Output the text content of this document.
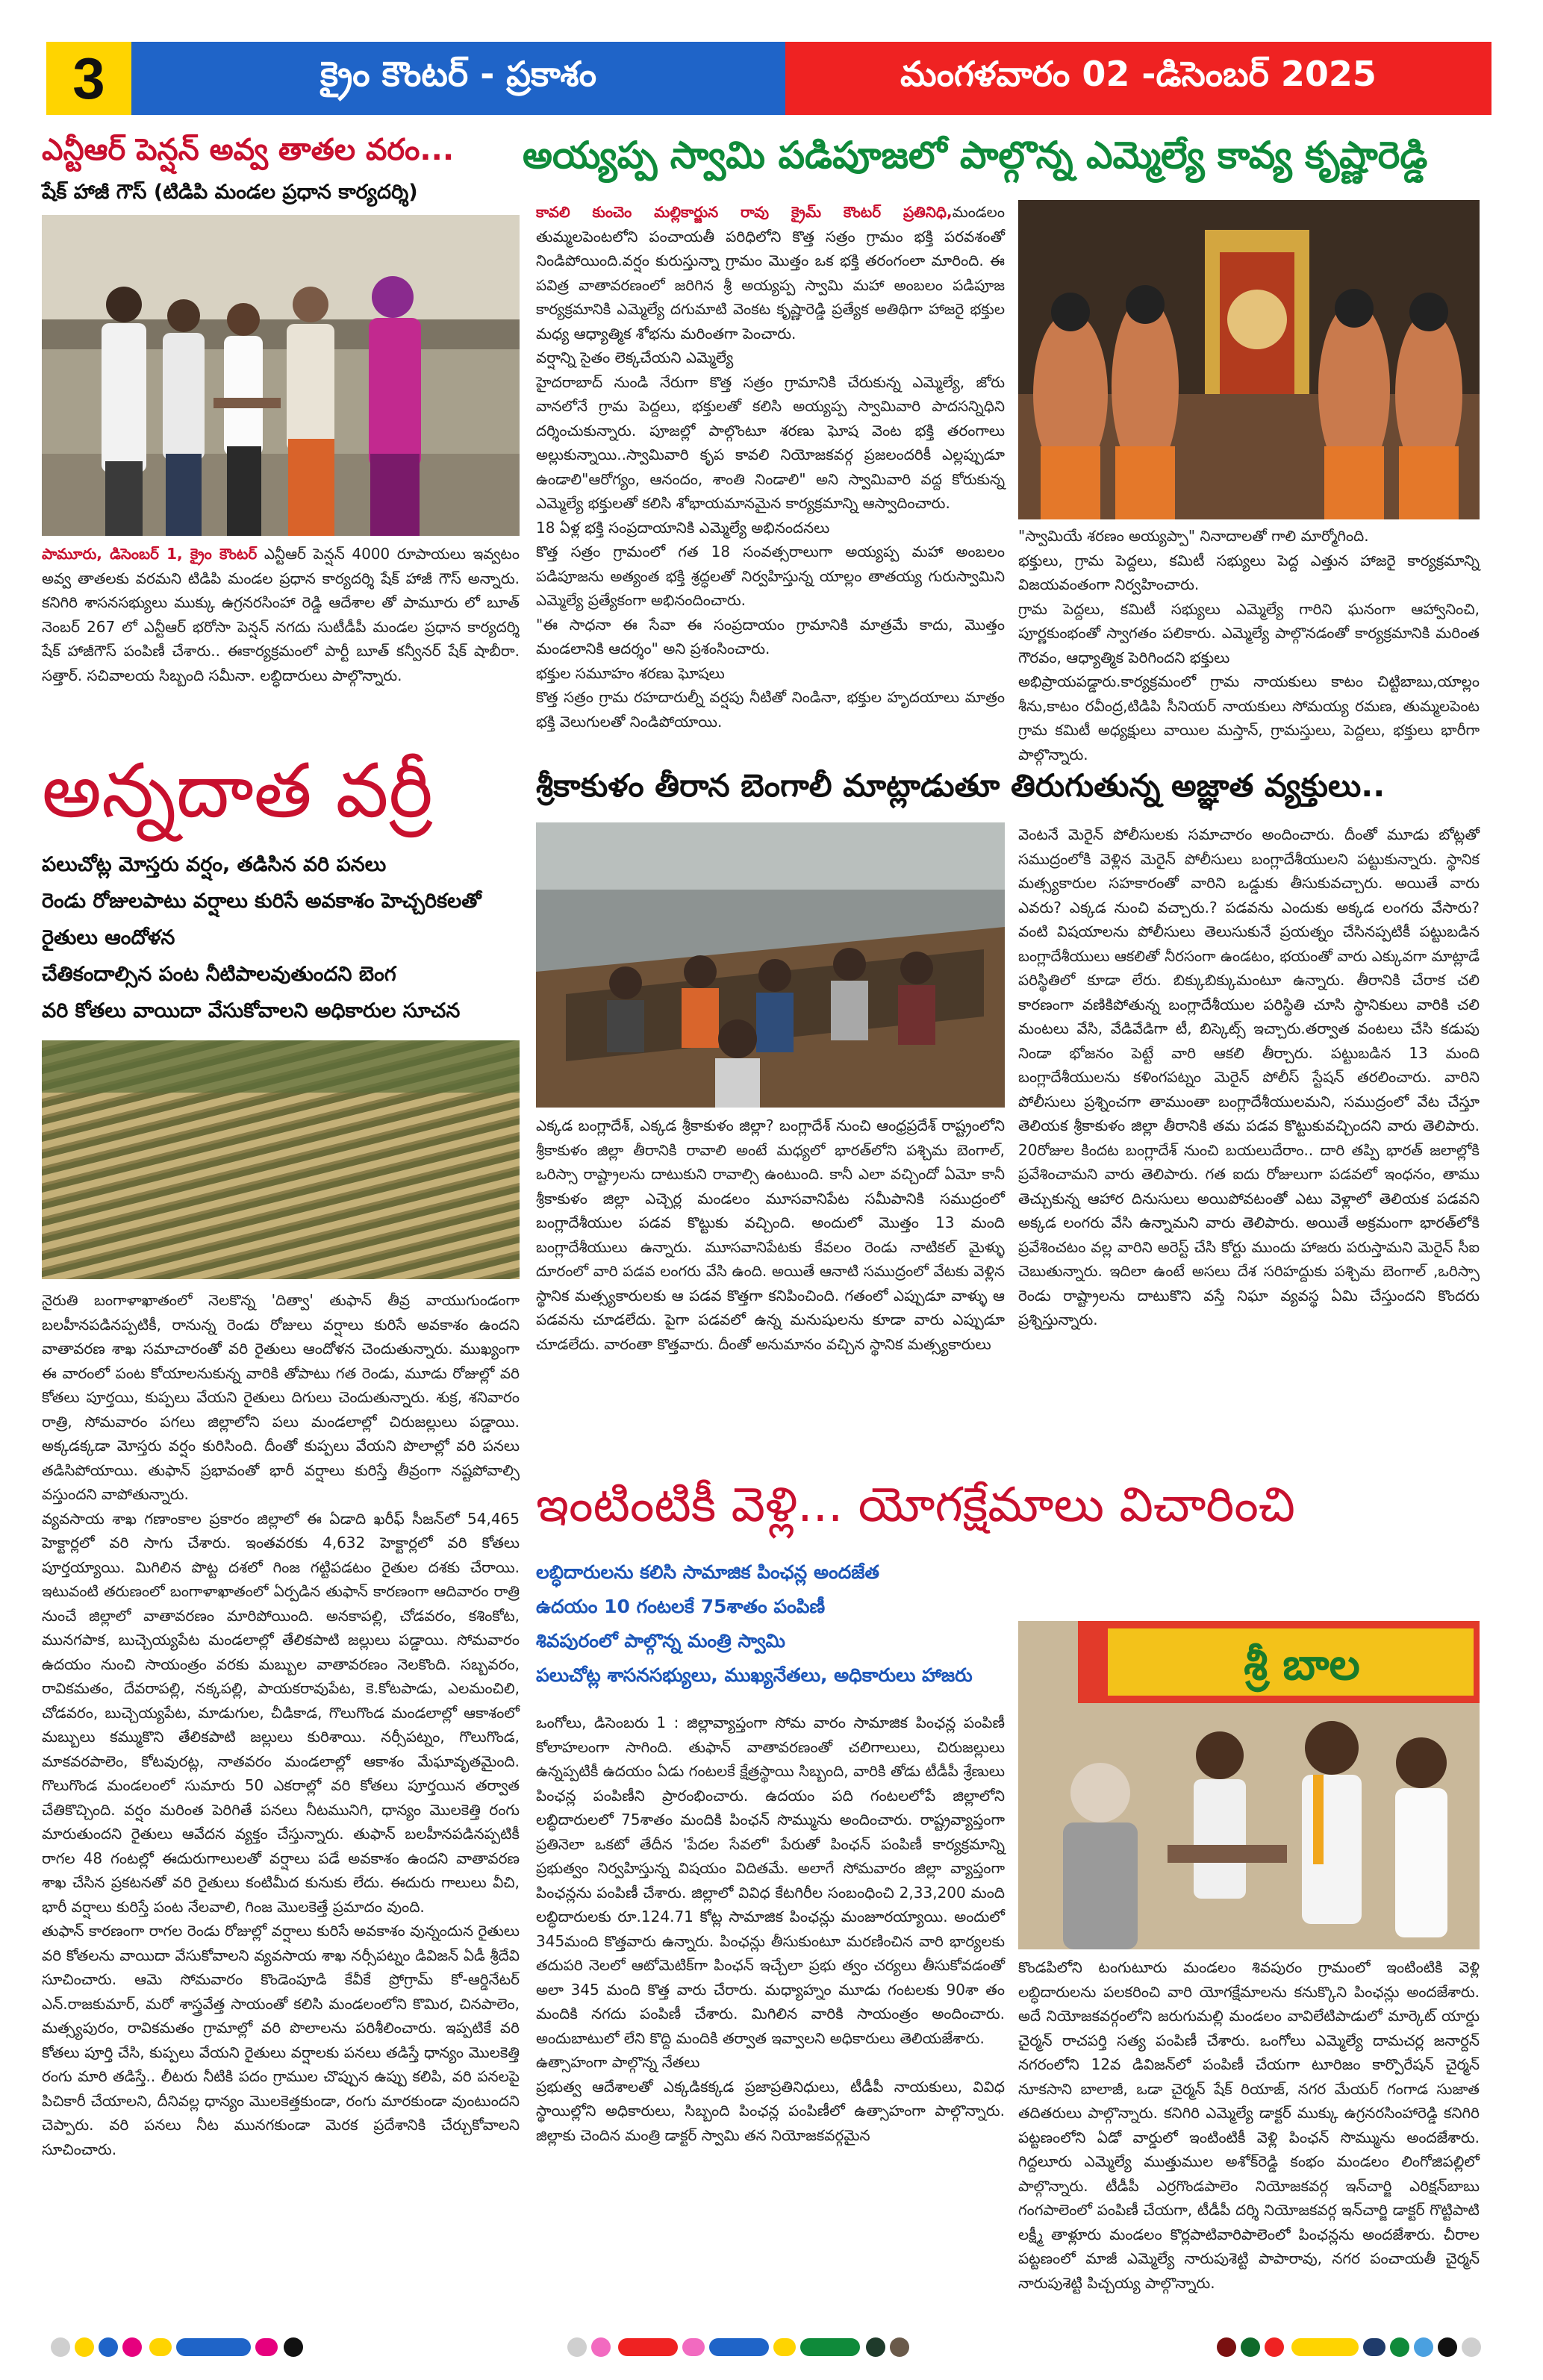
3	క్రైం కౌంటర్ - ప్రకాశం	మంగళవారం 02 -డిసెంబర్ 2025
ఎన్టీఆర్ పెన్షన్ అవ్వ తాతల వరం...
షేక్ హాజీ గౌస్ (టిడిపి మండల ప్రధాన కార్యదర్శి)

పామూరు, డిసెంబర్ 1, క్రైం కౌంటర్ ఎన్టీఆర్ పెన్షన్ 4000 రూపాయలు ఇవ్వటం అవ్వ తాతలకు వరమని టిడిపి మండల ప్రధాన కార్యదర్శి షేక్ హాజీ గౌస్ అన్నారు. కనిగిరి శాసనసభ్యులు ముక్కు ఉగ్రనరసింహా రెడ్డి ఆదేశాల తో పామూరు లో బూత్ నెంబర్ 267 లో ఎన్టీఆర్ భరోసా పెన్షన్ నగదు సుటీడీపీ మండల ప్రధాన కార్యదర్శి షేక్ హాజీగౌస్ పంపిణీ చేశారు.. ఈకార్యక్రమంలో పార్టీ బూత్ కన్వీనర్ షేక్ షాబీరా. సత్తార్. సచివాలయ సిబ్బంది సమీనా. లబ్ధిదారులు పాల్గొన్నారు.

అయ్యప్ప స్వామి పడిపూజలో పాల్గొన్న ఎమ్మెల్యే కావ్య కృష్ణారెడ్డి

కావలి కుంచెం మల్లికార్జున రావు క్రైమ్ కౌంటర్ ప్రతినిధి,మండలం తుమ్మలపెంటలోని పంచాయతీ పరిధిలోని కొత్త సత్రం గ్రామం భక్తి పరవశంతో నిండిపోయింది.వర్షం కురుస్తున్నా గ్రామం మొత్తం ఒక భక్తి తరంగంలా మారింది. ఈ పవిత్ర వాతావరణంలో జరిగిన శ్రీ అయ్యప్ప స్వామి మహా అంబలం పడిపూజ కార్యక్రమానికి ఎమ్మెల్యే దగుమాటి వెంకట కృష్ణారెడ్డి ప్రత్యేక అతిథిగా హాజరై భక్తుల మధ్య ఆధ్యాత్మిక శోభను మరింతగా పెంచారు.

వర్షాన్ని సైతం లెక్కచేయని ఎమ్మెల్యే

హైదరాబాద్ నుండి నేరుగా కొత్త సత్రం గ్రామానికి చేరుకున్న ఎమ్మెల్యే, జోరు వానలోనే గ్రామ పెద్దలు, భక్తులతో కలిసి అయ్యప్ప స్వామివారి పాదసన్నిధిని దర్శించుకున్నారు. పూజల్లో పాల్గొంటూ శరణు ఘోష వెంట భక్తి తరంగాలు అల్లుకున్నాయి..స్వామివారి కృప కావలి నియోజకవర్గ ప్రజలందరికీ ఎల్లప్పుడూ ఉండాలి"ఆరోగ్యం, ఆనందం, శాంతి నిండాలి" అని స్వామివారి వద్ద కోరుకున్న ఎమ్మెల్యే భక్తులతో కలిసి శోభాయమానమైన కార్యక్రమాన్ని ఆస్వాదించారు.

18 ఏళ్ల భక్తి సంప్రదాయానికి ఎమ్మెల్యే అభినందనలు

కొత్త సత్రం గ్రామంలో గత 18 సంవత్సరాలుగా అయ్యప్ప మహా అంబలం పడిపూజను అత్యంత భక్తి శ్రద్ధలతో నిర్వహిస్తున్న యాల్లం తాతయ్య గురుస్వామిని ఎమ్మెల్యే ప్రత్యేకంగా అభినందించారు.

"ఈ సాధనా ఈ సేవా ఈ సంప్రదాయం గ్రామానికి మాత్రమే కాదు, మొత్తం మండలానికి ఆదర్శం" అని ప్రశంసించారు.

భక్తుల సమూహం శరణు ఘోషలు

కొత్త సత్రం గ్రామ రహదారుల్నీ వర్షపు నీటితో నిండినా, భక్తుల హృదయాలు మాత్రం భక్తి వెలుగులతో నిండిపోయాయి.

"స్వామియే శరణం అయ్యప్పా" నినాదాలతో గాలి మార్మోగింది.

భక్తులు, గ్రామ పెద్దలు, కమిటీ సభ్యులు పెద్ద ఎత్తున హాజరై కార్యక్రమాన్ని విజయవంతంగా నిర్వహించారు.

గ్రామ పెద్దలు, కమిటీ సభ్యులు ఎమ్మెల్యే గారిని ఘనంగా ఆహ్వానించి, పూర్ణకుంభంతో స్వాగతం పలికారు. ఎమ్మెల్యే పాల్గొనడంతో కార్యక్రమానికి మరింత గౌరవం, ఆధ్యాత్మిక పెరిగిందని భక్తులు

అభిప్రాయపడ్డారు.కార్యక్రమంలో గ్రామ నాయకులు కాటం చిట్టిబాబు,యాల్లం శీను,కాటం రవీంద్ర,టిడిపి సీనియర్ నాయకులు సోమయ్య రమణ, తుమ్మలపెంట గ్రామ కమిటీ అధ్యక్షులు వాయిల మస్తాన్, గ్రామస్తులు, పెద్దలు, భక్తులు భారీగా పాల్గొన్నారు.

అన్నదాత వర్రీ
పలుచోట్ల మోస్తరు వర్షం, తడిసిన వరి పనలు
రెండు రోజులపాటు వర్షాలు కురిసే అవకాశం హెచ్చరికలతో
రైతులు ఆందోళన
చేతికందాల్సిన పంట నీటిపాలవుతుందని బెంగ
వరి కోతలు వాయిదా వేసుకోవాలని అధికారుల సూచన

నైరుతి బంగాళాఖాతంలో నెలకొన్న 'దిత్వా' తుఫాన్ తీవ్ర వాయుగుండంగా బలహీనపడినప్పటికీ, రానున్న రెండు రోజులు వర్షాలు కురిసే అవకాశం ఉందని వాతావరణ శాఖ సమాచారంతో వరి రైతులు ఆందోళన చెందుతున్నారు. ముఖ్యంగా ఈ వారంలో పంట కోయాలనుకున్న వారికి తోపాటు గత రెండు, మూడు రోజుల్లో వరి కోతలు పూర్తయి, కుప్పలు వేయని రైతులు దిగులు చెందుతున్నారు. శుక్ర, శనివారం రాత్రి, సోమవారం పగలు జిల్లాలోని పలు మండలాల్లో చిరుజల్లులు పడ్డాయి. అక్కడక్కడా మోస్తరు వర్షం కురిసింది. దీంతో కుప్పలు వేయని పొలాల్లో వరి పనలు తడిసిపోయాయి. తుఫాన్ ప్రభావంతో భారీ వర్షాలు కురిస్తే తీవ్రంగా నష్టపోవాల్సి వస్తుందని వాపోతున్నారు.

వ్యవసాయ శాఖ గణాంకాల ప్రకారం జిల్లాలో ఈ ఏడాది ఖరీఫ్ సీజన్‌లో 54,465 హెక్టార్లలో వరి సాగు చేశారు. ఇంతవరకు 4,632 హెక్టార్లలో వరి కోతలు పూర్తయ్యాయి. మిగిలిన పొట్ట దశలో గింజ గట్టిపడటం రైతుల దశకు చేరాయి. ఇటువంటి తరుణంలో బంగాళాఖాతంలో ఏర్పడిన తుఫాన్ కారణంగా ఆదివారం రాత్రి నుంచే జిల్లాలో వాతావరణం మారిపోయింది. అనకాపల్లి, చోడవరం, కశింకోట, మునగపాక, బుచ్చెయ్యపేట మండలాల్లో తేలికపాటి జల్లులు పడ్డాయి. సోమవారం ఉదయం నుంచి సాయంత్రం వరకు మబ్బుల వాతావరణం నెలకొంది. సబ్బవరం, రావికమతం, దేవరాపల్లి, నక్కపల్లి, పాయకరావుపేట, కె.కోటపాడు, ఎలమంచిలి, చోడవరం, బుచ్చెయ్యపేట, మాడుగుల, చీడికాడ, గొలుగొండ మండలాల్లో ఆకాశంలో మబ్బులు కమ్ముకొని తేలికపాటి జల్లులు కురిశాయి. నర్సీపట్నం, గొలుగొండ, మాకవరపాలెం, కోటవురట్ల, నాతవరం మండలాల్లో ఆకాశం మేఘావృతమైంది. గొలుగొండ మండలంలో సుమారు 50 ఎకరాల్లో వరి కోతలు పూర్తయిన తర్వాత చేతికొచ్చింది. వర్షం మరింత పెరిగితే పనలు నీటమునిగి, ధాన్యం మొలకెత్తి రంగు మారుతుందని రైతులు ఆవేదన వ్యక్తం చేస్తున్నారు. తుఫాన్ బలహీనపడినప్పటికీ రాగల 48 గంటల్లో ఈదురుగాలులతో వర్షాలు పడే అవకాశం ఉందని వాతావరణ శాఖ చేసిన ప్రకటనతో వరి రైతులు కంటిమీద కునుకు లేదు. ఈదురు గాలులు వీచి, భారీ వర్షాలు కురిస్తే పంట నేలవాలి, గింజ మొలకెత్తే ప్రమాదం వుంది.

తుఫాన్ కారణంగా రాగల రెండు రోజుల్లో వర్షాలు కురిసే అవకాశం వున్నందున రైతులు వరి కోతలను వాయిదా వేసుకోవాలని వ్యవసాయ శాఖ నర్సీపట్నం డివిజన్ ఏడీ శ్రీదేవి సూచించారు. ఆమె సోమవారం కొండెంపూడి కేవీకే ప్రోగ్రామ్ కో-ఆర్డినేటర్ ఎన్.రాజకుమార్, మరో శాస్త్రవేత్త సాయంతో కలిసి మండలంలోని కొమిర, చినపాలెం, మత్స్యపురం, రావికమతం గ్రామాల్లో వరి పొలాలను పరిశీలించారు. ఇప్పటికే వరి కోతలు పూర్తి చేసి, కుప్పలు వేయని రైతులు వర్షాలకు పనలు తడిస్తే ధాన్యం మొలకెత్తి రంగు మారి తడిస్తే.. లీటరు నీటికి పదం గ్రాముల చొప్పున ఉప్పు కలిపి, వరి పనలపై పిచికారీ చేయాలని, దీనివల్ల ధాన్యం మొలకెత్తకుండా, రంగు మారకుండా వుంటుందని చెప్పారు. వరి పనలు నీట మునగకుండా మెరక ప్రదేశానికి చేర్చుకోవాలని సూచించారు.

శ్రీకాకుళం తీరాన బెంగాలీ మాట్లాడుతూ తిరుగుతున్న అజ్ఞాత వ్యక్తులు..

ఎక్కడ బంగ్లాదేశ్, ఎక్కడ శ్రీకాకుళం జిల్లా? బంగ్లాదేశ్ నుంచి ఆంధ్రప్రదేశ్ రాష్ట్రంలోని శ్రీకాకుళం జిల్లా తీరానికి రావాలి అంటే మధ్యలో భారత్‌లోని పశ్చిమ బెంగాల్, ఒరిస్సా రాష్ట్రాలను దాటుకుని రావాల్సి ఉంటుంది. కానీ ఎలా వచ్చిందో ఏమో కానీ శ్రీకాకుళం జిల్లా ఎచ్చెర్ల మండలం మూసవానిపేట సమీపానికి సముద్రంలో బంగ్లాదేశీయుల పడవ కొట్టుకు వచ్చింది. అందులో మొత్తం 13 మంది బంగ్లాదేశీయులు ఉన్నారు. మూసవానిపేటకు కేవలం రెండు నాటికల్ మైళ్ళు దూరంలో వారి పడవ లంగరు వేసి ఉంది. అయితే ఆనాటి సముద్రంలో వేటకు వెళ్లిన స్థానిక మత్స్యకారులకు ఆ పడవ కొత్తగా కనిపించింది. గతంలో ఎప్పుడూ వాళ్ళు ఆ పడవను చూడలేదు. పైగా పడవలో ఉన్న మనుషులను కూడా వారు ఎప్పుడూ చూడలేదు. వారంతా కొత్తవారు. దీంతో అనుమానం వచ్చిన స్థానిక మత్స్యకారులు

వెంటనే మెరైన్ పోలీసులకు సమాచారం అందించారు. దీంతో మూడు బోట్లతో సముద్రంలోకి వెళ్లిన మెరైన్ పోలీసులు బంగ్లాదేశీయులని పట్టుకున్నారు. స్థానిక మత్స్యకారుల సహకారంతో వారిని ఒడ్డుకు తీసుకువచ్చారు. అయితే వారు ఎవరు? ఎక్కడ నుంచి వచ్చారు.? పడవను ఎందుకు అక్కడ లంగరు వేసారు? వంటి విషయాలను పోలీసులు తెలుసుకునే ప్రయత్నం చేసినప్పటికీ పట్టుబడిన బంగ్లాదేశీయులు ఆకలితో నీరసంగా ఉండటం, భయంతో వారు ఎక్కువగా మాట్లాడే పరిస్థితిలో కూడా లేరు. బిక్కుబిక్కుమంటూ ఉన్నారు. తీరానికి చేరాక చలి కారణంగా వణికిపోతున్న బంగ్లాదేశీయుల పరిస్థితి చూసి స్థానికులు వారికి చలి మంటలు వేసి, వేడివేడిగా టీ, బిస్కెట్స్ ఇచ్చారు.తర్వాత వంటలు చేసి కడుపు నిండా భోజనం పెట్టే వారి ఆకలి తీర్చారు. పట్టుబడిన 13 మంది బంగ్లాదేశీయులను కళింగపట్నం మెరైన్ పోలీస్ స్టేషన్ తరలించారు. వారిని పోలీసులు ప్రశ్నించగా తాముంతా బంగ్లాదేశీయులమని, సముద్రంలో వేట చేస్తూ తెలియక శ్రీకాకుళం జిల్లా తీరానికి తమ పడవ కొట్టుకువచ్చిందని వారు తెలిపారు. 20రోజుల కిందట బంగ్లాదేశ్ నుంచి బయలుదేరాం.. దారి తప్పి భారత్ జలాల్లోకి ప్రవేశించామని వారు తెలిపారు. గత ఐదు రోజులుగా పడవలో ఇంధనం, తాము తెచ్చుకున్న ఆహార దినుసులు అయిపోవటంతో ఎటు వెళ్లాలో తెలియక పడవని అక్కడ లంగరు వేసి ఉన్నామని వారు తెలిపారు. అయితే అక్రమంగా భారత్‌లోకి ప్రవేశించటం వల్ల వారిని అరెస్ట్ చేసి కోర్టు ముందు హాజరు పరుస్తామని మెరైన్ సీఐ చెబుతున్నారు. ఇదిలా ఉంటే అసలు దేశ సరిహద్దుకు పశ్చిమ బెంగాల్ ,ఒరిస్సా రెండు రాష్ట్రాలను దాటుకొని వస్తే నిఘా వ్యవస్థ ఏమి చేస్తుందని కొందరు ప్రశ్నిస్తున్నారు.

ఇంటింటికీ వెళ్లి... యోగక్షేమాలు విచారించి
లబ్ధిదారులను కలిసి సామాజిక పింఛన్ల అందజేత
ఉదయం 10 గంటలకే 75శాతం పంపిణీ
శివపురంలో పాల్గొన్న మంత్రి స్వామి
పలుచోట్ల శాసనసభ్యులు, ముఖ్యనేతలు, అధికారులు హాజరు

ఒంగోలు, డిసెంబరు 1 : జిల్లావ్యాప్తంగా సోమ వారం సామాజిక పింఛన్ల పంపిణీ కోలాహలంగా సాగింది. తుఫాన్ వాతావరణంతో చలిగాలులు, చిరుజల్లులు ఉన్నప్పటికీ ఉదయం ఏడు గంటలకే క్షేత్రస్థాయి సిబ్బంది, వారికి తోడు టీడీపీ శ్రేణులు పింఛన్ల పంపిణీని ప్రారంభించారు. ఉదయం పది గంటలలోపే జిల్లాలోని లబ్ధిదారులలో 75శాతం మందికి పింఛన్ సొమ్మును అందించారు. రాష్ట్రవ్యాప్తంగా ప్రతినెలా ఒకటో తేదీన 'పేదల సేవలో' పేరుతో పింఛన్ పంపిణీ కార్యక్రమాన్ని ప్రభుత్వం నిర్వహిస్తున్న విషయం విదితమే. అలాగే సోమవారం జిల్లా వ్యాప్తంగా పింఛన్లను పంపిణీ చేశారు. జిల్లాలో వివిధ కేటగిరీల సంబంధించి 2,33,200 మంది లబ్ధిదారులకు రూ.124.71 కోట్ల సామాజిక పింఛన్లు మంజూరయ్యాయి. అందులో 345మంది కొత్తవారు ఉన్నారు. పింఛన్లు తీసుకుంటూ మరణించిన వారి భార్యలకు తదుపరి నెలలో ఆటోమెటిక్‌గా పింఛన్ ఇచ్చేలా ప్రభు త్వం చర్యలు తీసుకోవడంతో అలా 345 మంది కొత్త వారు చేరారు. మధ్యాహ్నం మూడు గంటలకు 90శా తం మందికి నగదు పంపిణీ చేశారు. మిగిలిన వారికి సాయంత్రం అందించారు. అందుబాటులో లేని కొద్ది మందికి తర్వాత ఇవ్వాలని అధికారులు తెలియజేశారు.

ఉత్సాహంగా పాల్గొన్న నేతలు

ప్రభుత్వ ఆదేశాలతో ఎక్కడికక్కడ ప్రజాప్రతినిధులు, టీడీపీ నాయకులు, వివిధ స్థాయిల్లోని అధికారులు, సిబ్బంది పింఛన్ల పంపిణీలో ఉత్సాహంగా పాల్గొన్నారు. జిల్లాకు చెందిన మంత్రి డాక్టర్ స్వామి తన నియోజకవర్గమైన

శ్రీ బాల

కొండపిలోని టంగుటూరు మండలం శివపురం గ్రామంలో ఇంటింటికి వెళ్లి లబ్ధిదారులను పలకరించి వారి యోగక్షేమాలను కనుక్కొని పింఛన్లు అందజేశారు. అదే నియోజకవర్గంలోని జరుగుమల్లి మండలం వావిలేటిపాడులో మార్కెట్ యార్డు చైర్మన్ రాచపర్తి సత్య పంపిణీ చేశారు. ఒంగోలు ఎమ్మెల్యే దామచర్ల జనార్దన్ నగరంలోని 12వ డివిజన్‌లో పంపిణీ చేయగా టూరిజం కార్పొరేషన్ చైర్మన్ నూకసాని బాలాజీ, ఒడా చైర్మన్ షేక్ రియాజ్, నగర మేయర్ గంగాడ సుజాత తదితరులు పాల్గొన్నారు. కనిగిరి ఎమ్మెల్యే డాక్టర్ ముక్కు ఉగ్రనరసింహారెడ్డి కనిగిరి పట్టణంలోని ఏడో వార్డులో ఇంటింటికీ వెళ్లి పింఛన్ సొమ్మును అందజేశారు. గిద్దలూరు ఎమ్మెల్యే ముత్తుముల అశోక్‌రెడ్డి కంభం మండలం లింగోజిపల్లిలో పాల్గొన్నారు. టీడీపీ ఎర్రగొండపాలెం నియోజకవర్గ ఇన్‌చార్జి ఎరిక్షన్‌బాబు గంగపాలెంలో పంపిణీ చేయగా, టీడీపీ దర్శి నియోజకవర్గ ఇన్‌చార్జి డాక్టర్ గొట్టిపాటి లక్ష్మీ తాళ్లూరు మండలం కొర్లపాటివారిపాలెంలో పింఛన్లను అందజేశారు. చీరాల పట్టణంలో మాజీ ఎమ్మెల్యే నారుపుశెట్టి పాపారావు, నగర పంచాయతీ చైర్మన్ నారుపుశెట్టి పిచ్చయ్య పాల్గొన్నారు.
